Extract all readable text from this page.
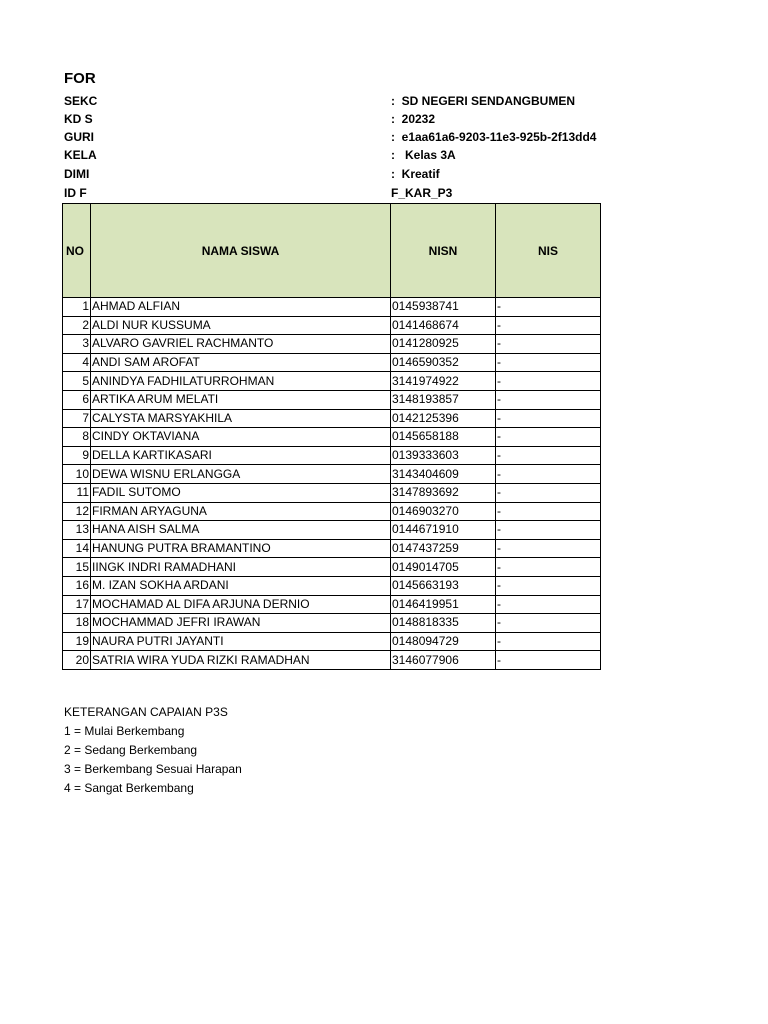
FOR
SEKC	:  SD NEGERI SENDANGBUMEN
KD S	:  20232
GURI	:  e1aa61a6-9203-11e3-925b-2f13dd4
KELA	:   Kelas 3A
DIMI	:  Kreatif
ID F	F_KAR_P3
NO	NAMA SISWA	NISN	NIS
1	AHMAD ALFIAN	0145938741	-
2	ALDI NUR KUSSUMA	0141468674	-
3	ALVARO GAVRIEL RACHMANTO	0141280925	-
4	ANDI SAM AROFAT	0146590352	-
5	ANINDYA FADHILATURROHMAN	3141974922	-
6	ARTIKA ARUM MELATI	3148193857	-
7	CALYSTA MARSYAKHILA	0142125396	-
8	CINDY OKTAVIANA	0145658188	-
9	DELLA KARTIKASARI	0139333603	-
10	DEWA WISNU ERLANGGA	3143404609	-
11	FADIL SUTOMO	3147893692	-
12	FIRMAN ARYAGUNA	0146903270	-
13	HANA AISH SALMA	0144671910	-
14	HANUNG PUTRA BRAMANTINO	0147437259	-
15	IINGK INDRI RAMADHANI	0149014705	-
16	M. IZAN SOKHA ARDANI	0145663193	-
17	MOCHAMAD AL DIFA ARJUNA DERNIO	0146419951	-
18	MOCHAMMAD JEFRI IRAWAN	0148818335	-
19	NAURA PUTRI JAYANTI	0148094729	-
20	SATRIA WIRA YUDA RIZKI RAMADHAN	3146077906	-
KETERANGAN CAPAIAN P3S
1 = Mulai Berkembang
2 = Sedang Berkembang
3 = Berkembang Sesuai Harapan
4 = Sangat Berkembang
